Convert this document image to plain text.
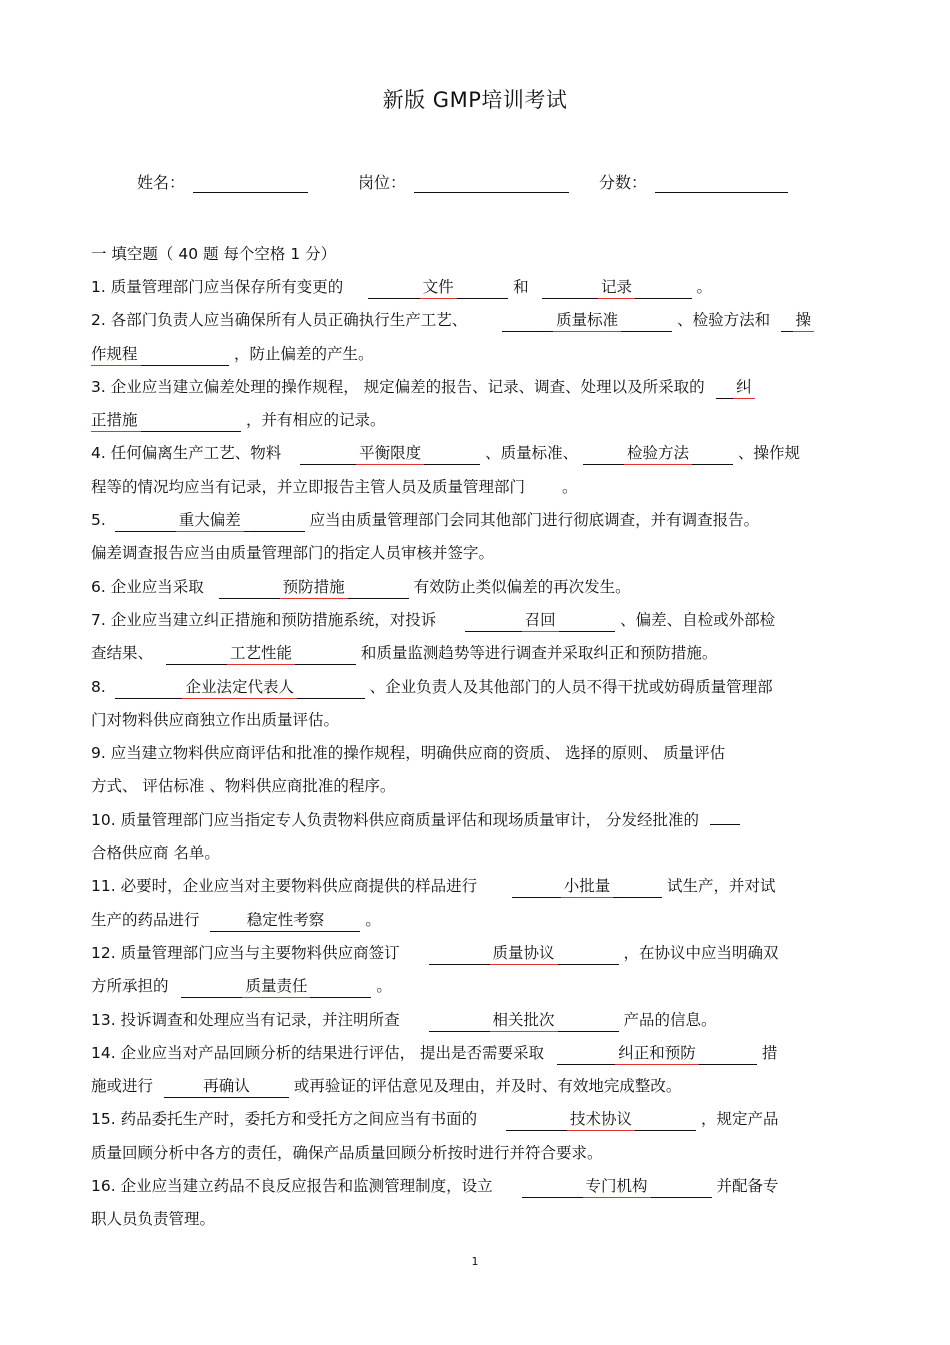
新版 GMP培训考试
姓名：	岗位：	分数：
一 填空题（ 40 题 每个空格 1 分）
1. 质量管理部门应当保存所有变更的	文件	和	记录	。
2. 各部门负责人应当确保所有人员正确执行生产工艺、	质量标准	、检验方法和 操
作规程	，防止偏差的产生。
3. 企业应当建立偏差处理的操作规程， 规定偏差的报告、记录、调查、处理以及所采取的 纠
正措施	，并有相应的记录。
4. 任何偏离生产工艺、物料	平衡限度	、质量标准、	检验方法	、操作规
程等的情况均应当有记录，并立即报告主管人员及质量管理部门 。
5.	重大偏差	应当由质量管理部门会同其他部门进行彻底调查，并有调查报告。
偏差调查报告应当由质量管理部门的指定人员审核并签字。
6. 企业应当采取	预防措施	有效防止类似偏差的再次发生。
7. 企业应当建立纠正措施和预防措施系统，对投诉	召回	、偏差、自检或外部检
查结果、	工艺性能	和质量监测趋势等进行调查并采取纠正和预防措施。
8.	企业法定代表人	、企业负责人及其他部门的人员不得干扰或妨碍质量管理部
门对物料供应商独立作出质量评估。
9. 应当建立物料供应商评估和批准的操作规程，明确供应商的资质、 选择的原则、 质量评估
方式、 评估标准 、物料供应商批准的程序。
10. 质量管理部门应当指定专人负责物料供应商质量评估和现场质量审计， 分发经批准的
合格供应商 名单。
11. 必要时，企业应当对主要物料供应商提供的样品进行	小批量	试生产，并对试
生产的药品进行	稳定性考察	。
12. 质量管理部门应当与主要物料供应商签订	质量协议	，在协议中应当明确双
方所承担的	质量责任	。
13. 投诉调查和处理应当有记录，并注明所查	相关批次	产品的信息。
14. 企业应当对产品回顾分析的结果进行评估， 提出是否需要采取	纠正和预防	措
施或进行	再确认	或再验证的评估意见及理由，并及时、有效地完成整改。
15. 药品委托生产时，委托方和受托方之间应当有书面的	技术协议	，规定产品
质量回顾分析中各方的责任，确保产品质量回顾分析按时进行并符合要求。
16. 企业应当建立药品不良反应报告和监测管理制度，设立	专门机构	并配备专
职人员负责管理。
1
